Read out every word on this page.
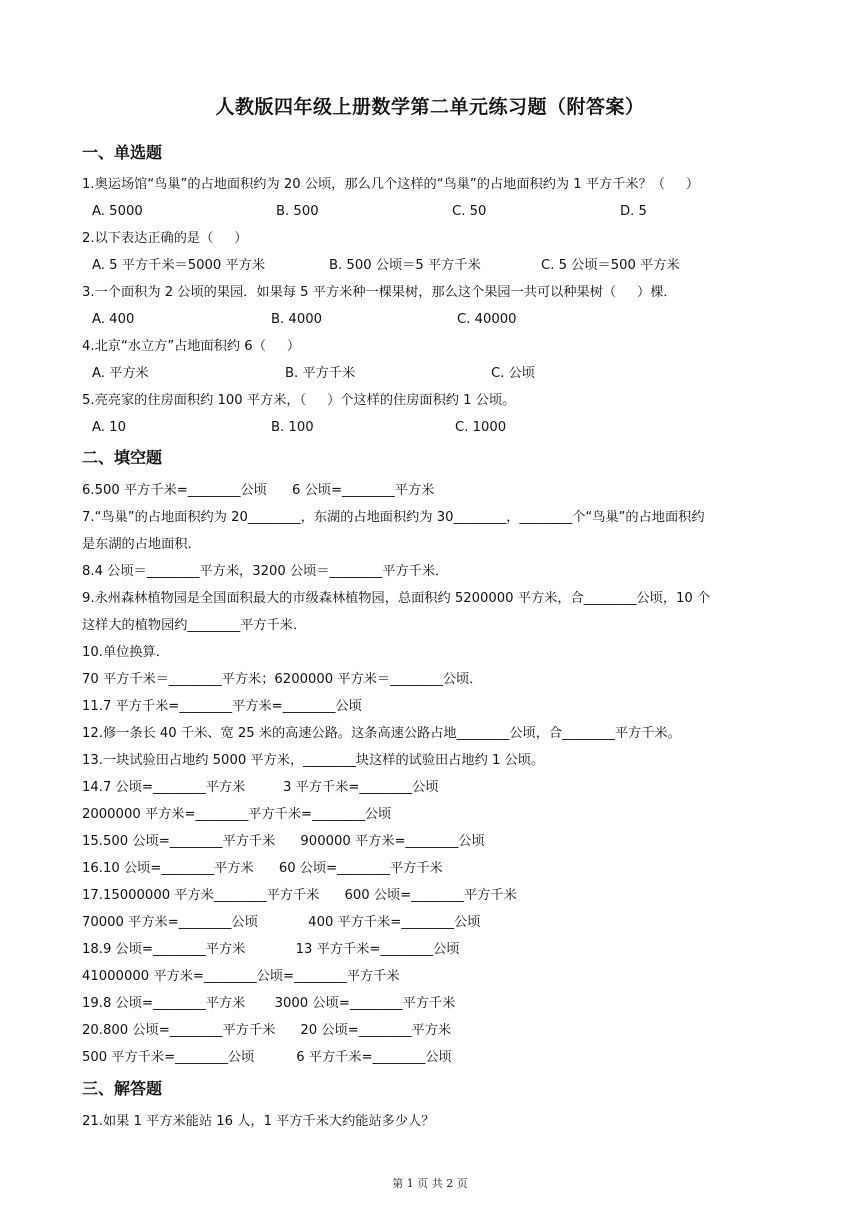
人教版四年级上册数学第二单元练习题（附答案）
一、单选题
1.奥运场馆“鸟巢”的占地面积约为 20 公顷，那么几个这样的“鸟巢”的占地面积约为 1 平方千米？（     ）
A. 5000	B. 500	C. 50	D. 5
2.以下表达正确的是（     ）
A. 5 平方千米＝5000 平方米	B. 500 公顷＝5 平方千米	C. 5 公顷＝500 平方米
3.一个面积为 2 公顷的果园．如果每 5 平方米种一棵果树，那么这个果园一共可以种果树（     ）棵．
A. 400	B. 4000	C. 40000
4.北京“水立方”占地面积约 6（     ）
A. 平方米	B. 平方千米	C. 公顷
5.亮亮家的住房面积约 100 平方米，（     ）个这样的住房面积约 1 公顷。
A. 10	B. 100	C. 1000
二、填空题
6.500 平方千米=________公顷      6 公顷=________平方米
7.“鸟巢”的占地面积约为 20________，东湖的占地面积约为 30________，________个“鸟巢”的占地面积约
是东湖的占地面积．
8.4 公顷＝________平方米，3200 公顷＝________平方千米．
9.永州森林植物园是全国面积最大的市级森林植物园，总面积约 5200000 平方米，合________公顷，10 个
这样大的植物园约________平方千米．
10.单位换算．
70 平方千米＝________平方米；6200000 平方米＝________公顷．
11.7 平方千米=________平方米=________公顷
12.修一条长 40 千米、宽 25 米的高速公路。这条高速公路占地________公顷，合________平方千米。
13.一块试验田占地约 5000 平方米，________块这样的试验田占地约 1 公顷。
14.7 公顷=________平方米         3 平方千米=________公顷
2000000 平方米=________平方千米=________公顷
15.500 公顷=________平方千米      900000 平方米=________公顷
16.10 公顷=________平方米      60 公顷=________平方千米
17.15000000 平方米________平方千米      600 公顷=________平方千米
70000 平方米=________公顷            400 平方千米=________公顷
18.9 公顷=________平方米            13 平方千米=________公顷
41000000 平方米=________公顷=________平方千米
19.8 公顷=________平方米       3000 公顷=________平方千米
20.800 公顷=________平方千米      20 公顷=________平方米
500 平方千米=________公顷          6 平方千米=________公顷
三、解答题
21.如果 1 平方米能站 16 人，1 平方千米大约能站多少人？
第 1 页 共 2 页
